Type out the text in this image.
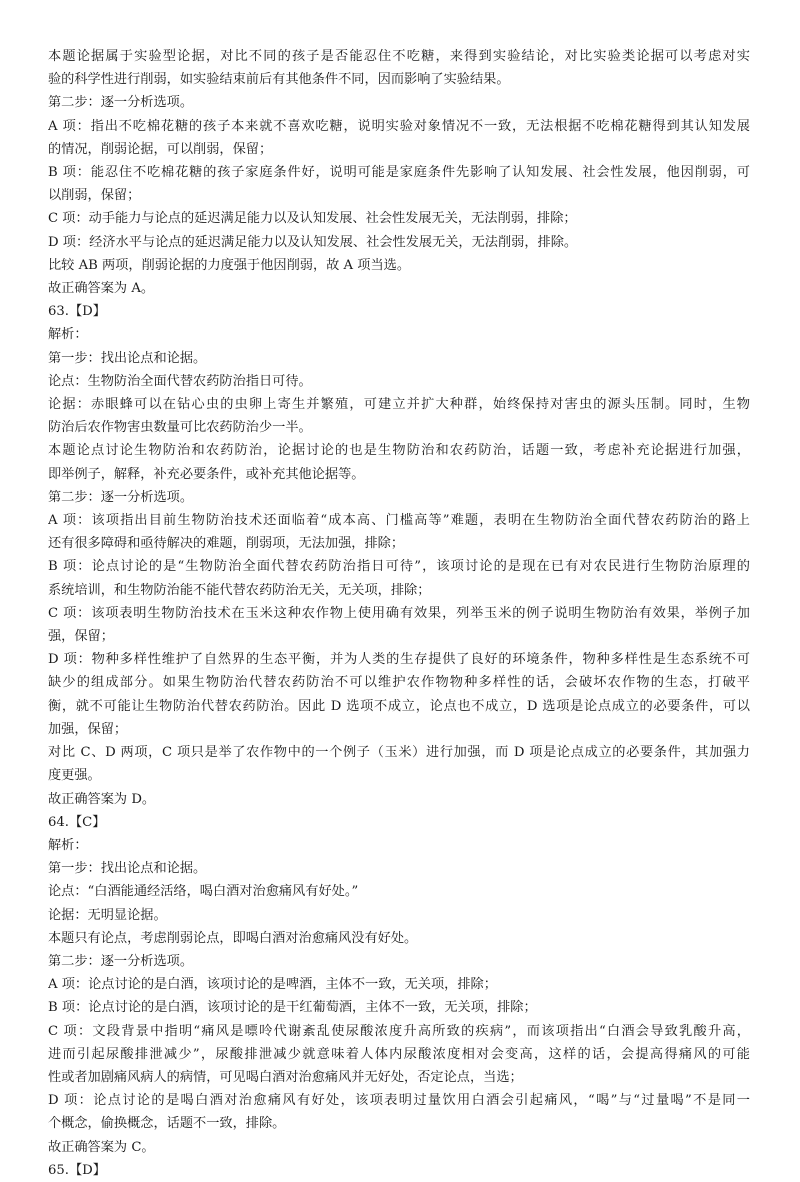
本题论据属于实验型论据，对比不同的孩子是否能忍住不吃糖，来得到实验结论，对比实验类论据可以考虑对实
验的科学性进行削弱，如实验结束前后有其他条件不同，因而影响了实验结果。
第二步：逐一分析选项。
A 项：指出不吃棉花糖的孩子本来就不喜欢吃糖，说明实验对象情况不一致，无法根据不吃棉花糖得到其认知发展
的情况，削弱论据，可以削弱，保留；
B 项：能忍住不吃棉花糖的孩子家庭条件好，说明可能是家庭条件先影响了认知发展、社会性发展，他因削弱，可
以削弱，保留；
C 项：动手能力与论点的延迟满足能力以及认知发展、社会性发展无关，无法削弱，排除；
D 项：经济水平与论点的延迟满足能力以及认知发展、社会性发展无关，无法削弱，排除。
比较 AB 两项，削弱论据的力度强于他因削弱，故 A 项当选。
故正确答案为 A。
63.【D】
解析：
第一步：找出论点和论据。
论点：生物防治全面代替农药防治指日可待。
论据：赤眼蜂可以在钻心虫的虫卵上寄生并繁殖，可建立并扩大种群，始终保持对害虫的源头压制。同时，生物
防治后农作物害虫数量可比农药防治少一半。
本题论点讨论生物防治和农药防治，论据讨论的也是生物防治和农药防治，话题一致，考虑补充论据进行加强，
即举例子，解释，补充必要条件，或补充其他论据等。
第二步：逐一分析选项。
A 项：该项指出目前生物防治技术还面临着“成本高、门槛高等”难题，表明在生物防治全面代替农药防治的路上
还有很多障碍和亟待解决的难题，削弱项，无法加强，排除；
B 项：论点讨论的是“生物防治全面代替农药防治指日可待”，该项讨论的是现在已有对农民进行生物防治原理的
系统培训，和生物防治能不能代替农药防治无关，无关项，排除；
C 项：该项表明生物防治技术在玉米这种农作物上使用确有效果，列举玉米的例子说明生物防治有效果，举例子加
强，保留；
D 项：物种多样性维护了自然界的生态平衡，并为人类的生存提供了良好的环境条件，物种多样性是生态系统不可
缺少的组成部分。如果生物防治代替农药防治不可以维护农作物物种多样性的话，会破坏农作物的生态，打破平
衡，就不可能让生物防治代替农药防治。因此 D 选项不成立，论点也不成立，D 选项是论点成立的必要条件，可以
加强，保留；
对比 C、D 两项，C 项只是举了农作物中的一个例子（玉米）进行加强，而 D 项是论点成立的必要条件，其加强力
度更强。
故正确答案为 D。
64.【C】
解析：
第一步：找出论点和论据。
论点：“白酒能通经活络，喝白酒对治愈痛风有好处。”
论据：无明显论据。
本题只有论点，考虑削弱论点，即喝白酒对治愈痛风没有好处。
第二步：逐一分析选项。
A 项：论点讨论的是白酒，该项讨论的是啤酒，主体不一致，无关项，排除；
B 项：论点讨论的是白酒，该项讨论的是干红葡萄酒，主体不一致，无关项，排除；
C 项：文段背景中指明“痛风是嘌呤代谢紊乱使尿酸浓度升高所致的疾病”，而该项指出“白酒会导致乳酸升高，
进而引起尿酸排泄减少”，尿酸排泄减少就意味着人体内尿酸浓度相对会变高，这样的话，会提高得痛风的可能
性或者加剧痛风病人的病情，可见喝白酒对治愈痛风并无好处，否定论点，当选；
D 项：论点讨论的是喝白酒对治愈痛风有好处，该项表明过量饮用白酒会引起痛风，“喝”与“过量喝”不是同一
个概念，偷换概念，话题不一致，排除。
故正确答案为 C。
65.【D】
